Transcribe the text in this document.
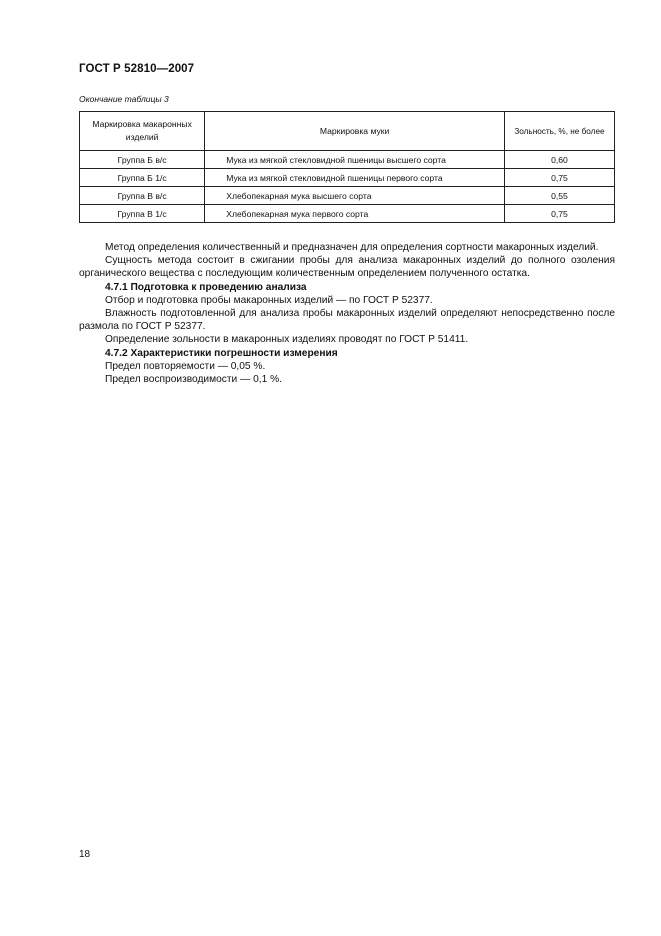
ГОСТ Р 52810—2007
Окончание таблицы 3
Маркировка макаронных изделий	Маркировка муки	Зольность, %, не более
Группа Б в/с	Мука из мягкой стекловидной пшеницы высшего сорта	0,60
Группа Б 1/с	Мука из мягкой стекловидной пшеницы первого сорта	0,75
Группа В в/с	Хлебопекарная мука высшего сорта	0,55
Группа В 1/с	Хлебопекарная мука первого сорта	0,75

Метод определения количественный и предназначен для определения сортности макаронных изделий.

Сущность метода состоит в сжигании пробы для анализа макаронных изделий до полного озоления органического вещества с последующим количественным определением полученного остатка.

4.7.1 Подготовка к проведению анализа

Отбор и подготовка пробы макаронных изделий — по ГОСТ Р 52377.

Влажность подготовленной для анализа пробы макаронных изделий определяют непосредственно после размола по ГОСТ Р 52377.

Определение зольности в макаронных изделиях проводят по ГОСТ Р 51411.

4.7.2 Характеристики погрешности измерения

Предел повторяемости — 0,05 %.

Предел воспроизводимости — 0,1 %.

18
